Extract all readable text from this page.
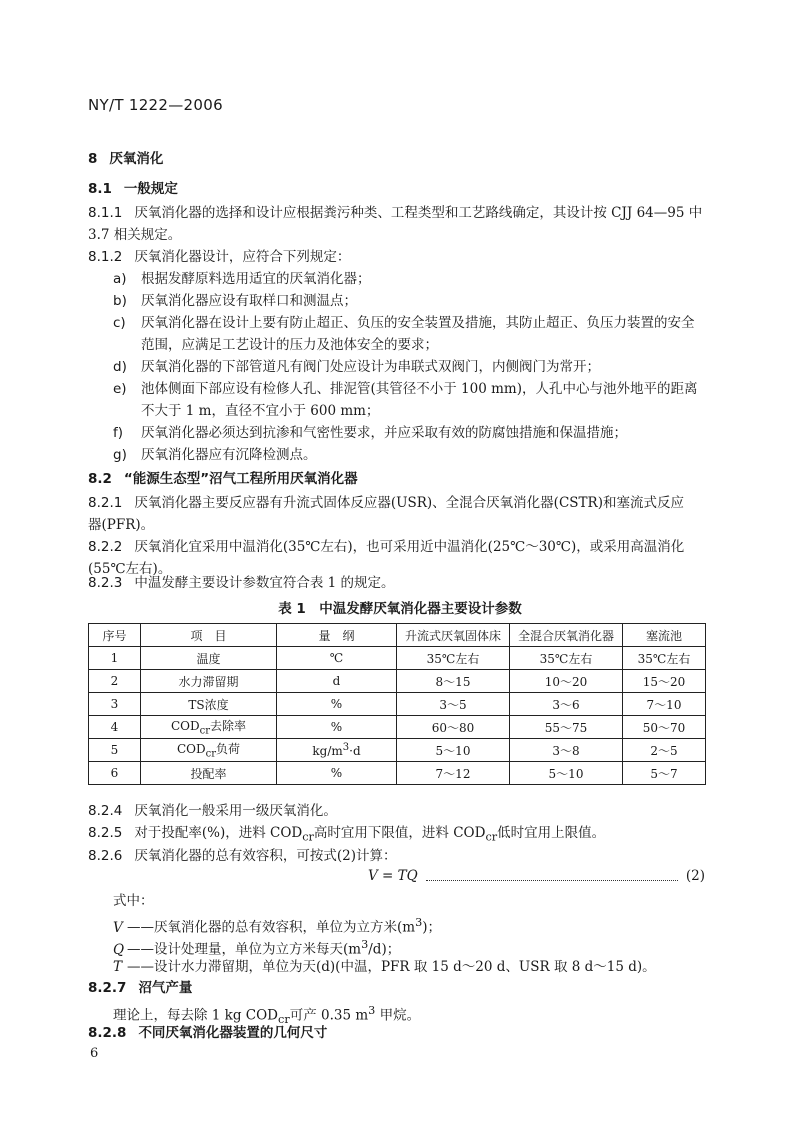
NY/T 1222—2006
8 厌氧消化
8.1 一般规定
8.1.1 厌氧消化器的选择和设计应根据粪污种类、工程类型和工艺路线确定，其设计按 CJJ 64—95 中
3.7 相关规定。
8.1.2 厌氧消化器设计，应符合下列规定：
a) 根据发酵原料选用适宜的厌氧消化器；
b) 厌氧消化器应设有取样口和测温点；
c) 厌氧消化器在设计上要有防止超正、负压的安全装置及措施，其防止超正、负压力装置的安全
范围，应满足工艺设计的压力及池体安全的要求；
d) 厌氧消化器的下部管道凡有阀门处应设计为串联式双阀门，内侧阀门为常开；
e) 池体侧面下部应设有检修人孔、排泥管(其管径不小于 100 mm)，人孔中心与池外地平的距离
不大于 1 m，直径不宜小于 600 mm；
f) 厌氧消化器必须达到抗渗和气密性要求，并应采取有效的防腐蚀措施和保温措施；
g) 厌氧消化器应有沉降检测点。
8.2 “能源生态型”沼气工程所用厌氧消化器
8.2.1 厌氧消化器主要反应器有升流式固体反应器(USR)、全混合厌氧消化器(CSTR)和塞流式反应
器(PFR)。
8.2.2 厌氧消化宜采用中温消化(35℃左右)，也可采用近中温消化(25℃～30℃)，或采用高温消化
(55℃左右)。
8.2.3 中温发酵主要设计参数宜符合表 1 的规定。
表 1　中温发酵厌氧消化器主要设计参数
序号	项　目	量　纲	升流式厌氧固体床	全混合厌氧消化器	塞流池
1	温度	℃	35℃左右	35℃左右	35℃左右
2	水力滞留期	d	8～15	10～20	15～20
3	TS浓度	%	3～5	3～6	7～10
4	$COD_{cr}$去除率	%	60～80	55～75	50～70
5	$COD_{cr}$负荷	$kg/m^3\cdot d$	5～10	3～8	2～5
6	投配率	%	7～12	5～10	5～7
8.2.4 厌氧消化一般采用一级厌氧消化。
8.2.5 对于投配率(%)，进料 $COD_{cr}$高时宜用下限值，进料 $COD_{cr}$低时宜用上限值。
8.2.6 厌氧消化器的总有效容积，可按式(2)计算：
V = TQ	(2)
式中：
V ——厌氧消化器的总有效容积，单位为立方米$(m^3)$；
Q ——设计处理量，单位为立方米每天$(m^3/d)$；
T ——设计水力滞留期，单位为天(d)(中温，PFR 取 15 d～20 d、USR 取 8 d～15 d)。
8.2.7 沼气产量
理论上，每去除 1 kg $COD_{cr}$可产 0.35 $m^3$ 甲烷。
8.2.8 不同厌氧消化器装置的几何尺寸
6
